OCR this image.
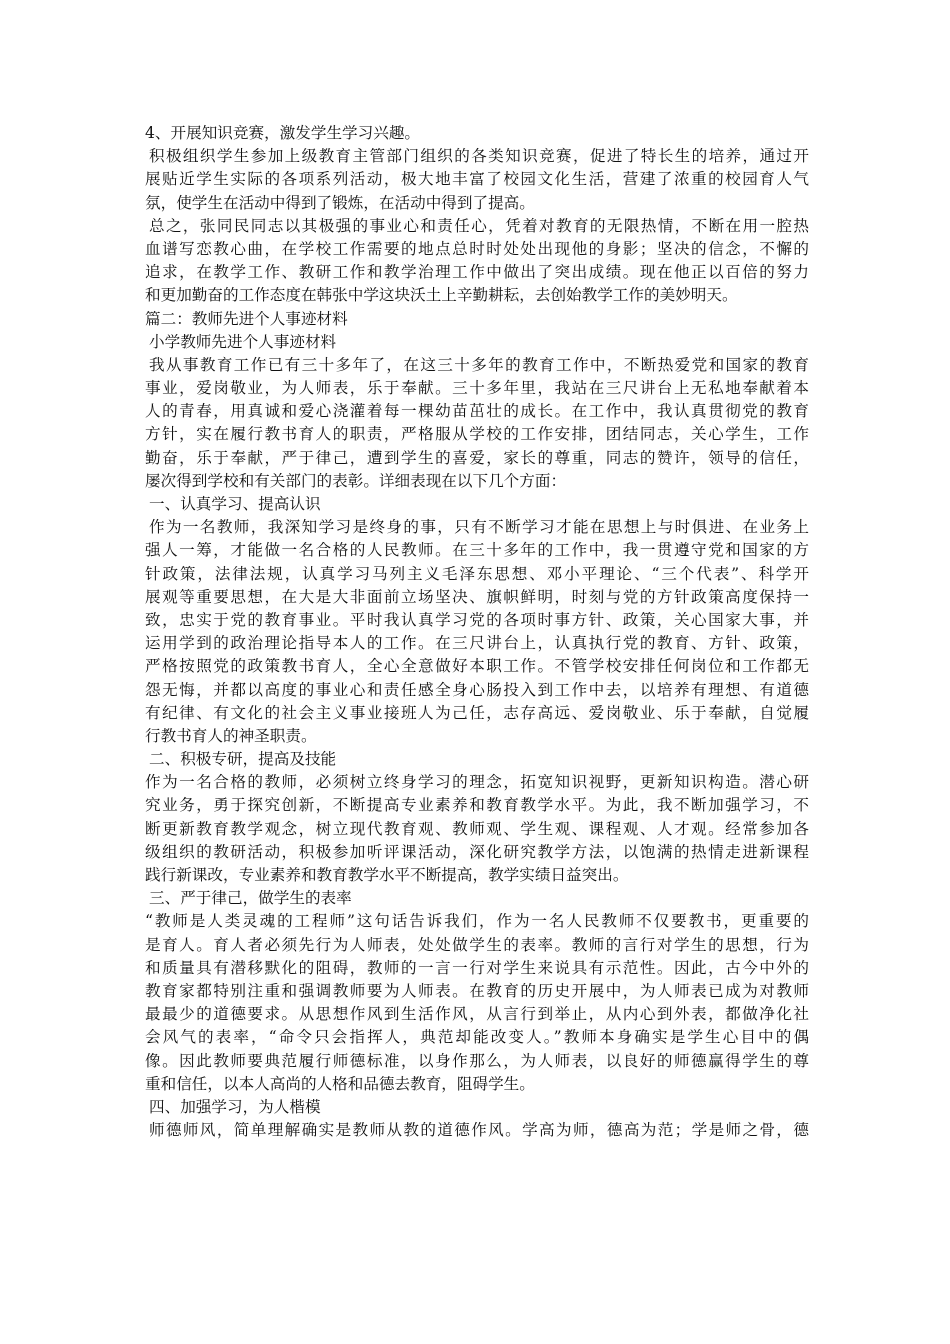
4、开展知识竞赛，激发学生学习兴趣。
积极组织学生参加上级教育主管部门组织的各类知识竞赛，促进了特长生的培养，通过开
展贴近学生实际的各项系列活动，极大地丰富了校园文化生活，营建了浓重的校园育人气
氛，使学生在活动中得到了锻炼，在活动中得到了提高。
总之，张同民同志以其极强的事业心和责任心，凭着对教育的无限热情，不断在用一腔热
血谱写恋教心曲，在学校工作需要的地点总时时处处出现他的身影；坚决的信念，不懈的
追求，在教学工作、教研工作和教学治理工作中做出了突出成绩。现在他正以百倍的努力
和更加勤奋的工作态度在韩张中学这块沃土上辛勤耕耘，去创始教学工作的美妙明天。
篇二：教师先进个人事迹材料
小学教师先进个人事迹材料
我从事教育工作已有三十多年了，在这三十多年的教育工作中，不断热爱党和国家的教育
事业，爱岗敬业，为人师表，乐于奉献。三十多年里，我站在三尺讲台上无私地奉献着本
人的青春，用真诚和爱心浇灌着每一棵幼苗茁壮的成长。在工作中，我认真贯彻党的教育
方针，实在履行教书育人的职责，严格服从学校的工作安排，团结同志，关心学生，工作
勤奋，乐于奉献，严于律己，遭到学生的喜爱，家长的尊重，同志的赞许，领导的信任，
屡次得到学校和有关部门的表彰。详细表现在以下几个方面：
一、认真学习、提高认识
作为一名教师，我深知学习是终身的事，只有不断学习才能在思想上与时俱进、在业务上
强人一筹，才能做一名合格的人民教师。在三十多年的工作中，我一贯遵守党和国家的方
针政策，法律法规，认真学习马列主义毛泽东思想、邓小平理论、“三个代表”、科学开
展观等重要思想，在大是大非面前立场坚决、旗帜鲜明，时刻与党的方针政策高度保持一
致，忠实于党的教育事业。平时我认真学习党的各项时事方针、政策，关心国家大事，并
运用学到的政治理论指导本人的工作。在三尺讲台上，认真执行党的教育、方针、政策，
严格按照党的政策教书育人，全心全意做好本职工作。不管学校安排任何岗位和工作都无
怨无悔，并都以高度的事业心和责任感全身心肠投入到工作中去，以培养有理想、有道德
有纪律、有文化的社会主义事业接班人为己任，志存高远、爱岗敬业、乐于奉献，自觉履
行教书育人的神圣职责。
二、积极专研，提高及技能
作为一名合格的教师，必须树立终身学习的理念，拓宽知识视野，更新知识构造。潜心研
究业务，勇于探究创新，不断提高专业素养和教育教学水平。为此，我不断加强学习，不
断更新教育教学观念，树立现代教育观、教师观、学生观、课程观、人才观。经常参加各
级组织的教研活动，积极参加听评课活动，深化研究教学方法，以饱满的热情走进新课程
践行新课改，专业素养和教育教学水平不断提高，教学实绩日益突出。
三、严于律己，做学生的表率
“教师是人类灵魂的工程师”这句话告诉我们，作为一名人民教师不仅要教书，更重要的
是育人。育人者必须先行为人师表，处处做学生的表率。教师的言行对学生的思想，行为
和质量具有潜移默化的阻碍，教师的一言一行对学生来说具有示范性。因此，古今中外的
教育家都特别注重和强调教师要为人师表。在教育的历史开展中，为人师表已成为对教师
最最少的道德要求。从思想作风到生活作风，从言行到举止，从内心到外表，都做净化社
会风气的表率，“命令只会指挥人，典范却能改变人。”教师本身确实是学生心目中的偶
像。因此教师要典范履行师德标准，以身作那么，为人师表，以良好的师德赢得学生的尊
重和信任，以本人高尚的人格和品德去教育，阻碍学生。
四、加强学习，为人楷模
师德师风，简单理解确实是教师从教的道德作风。学高为师，德高为范；学是师之骨，德
